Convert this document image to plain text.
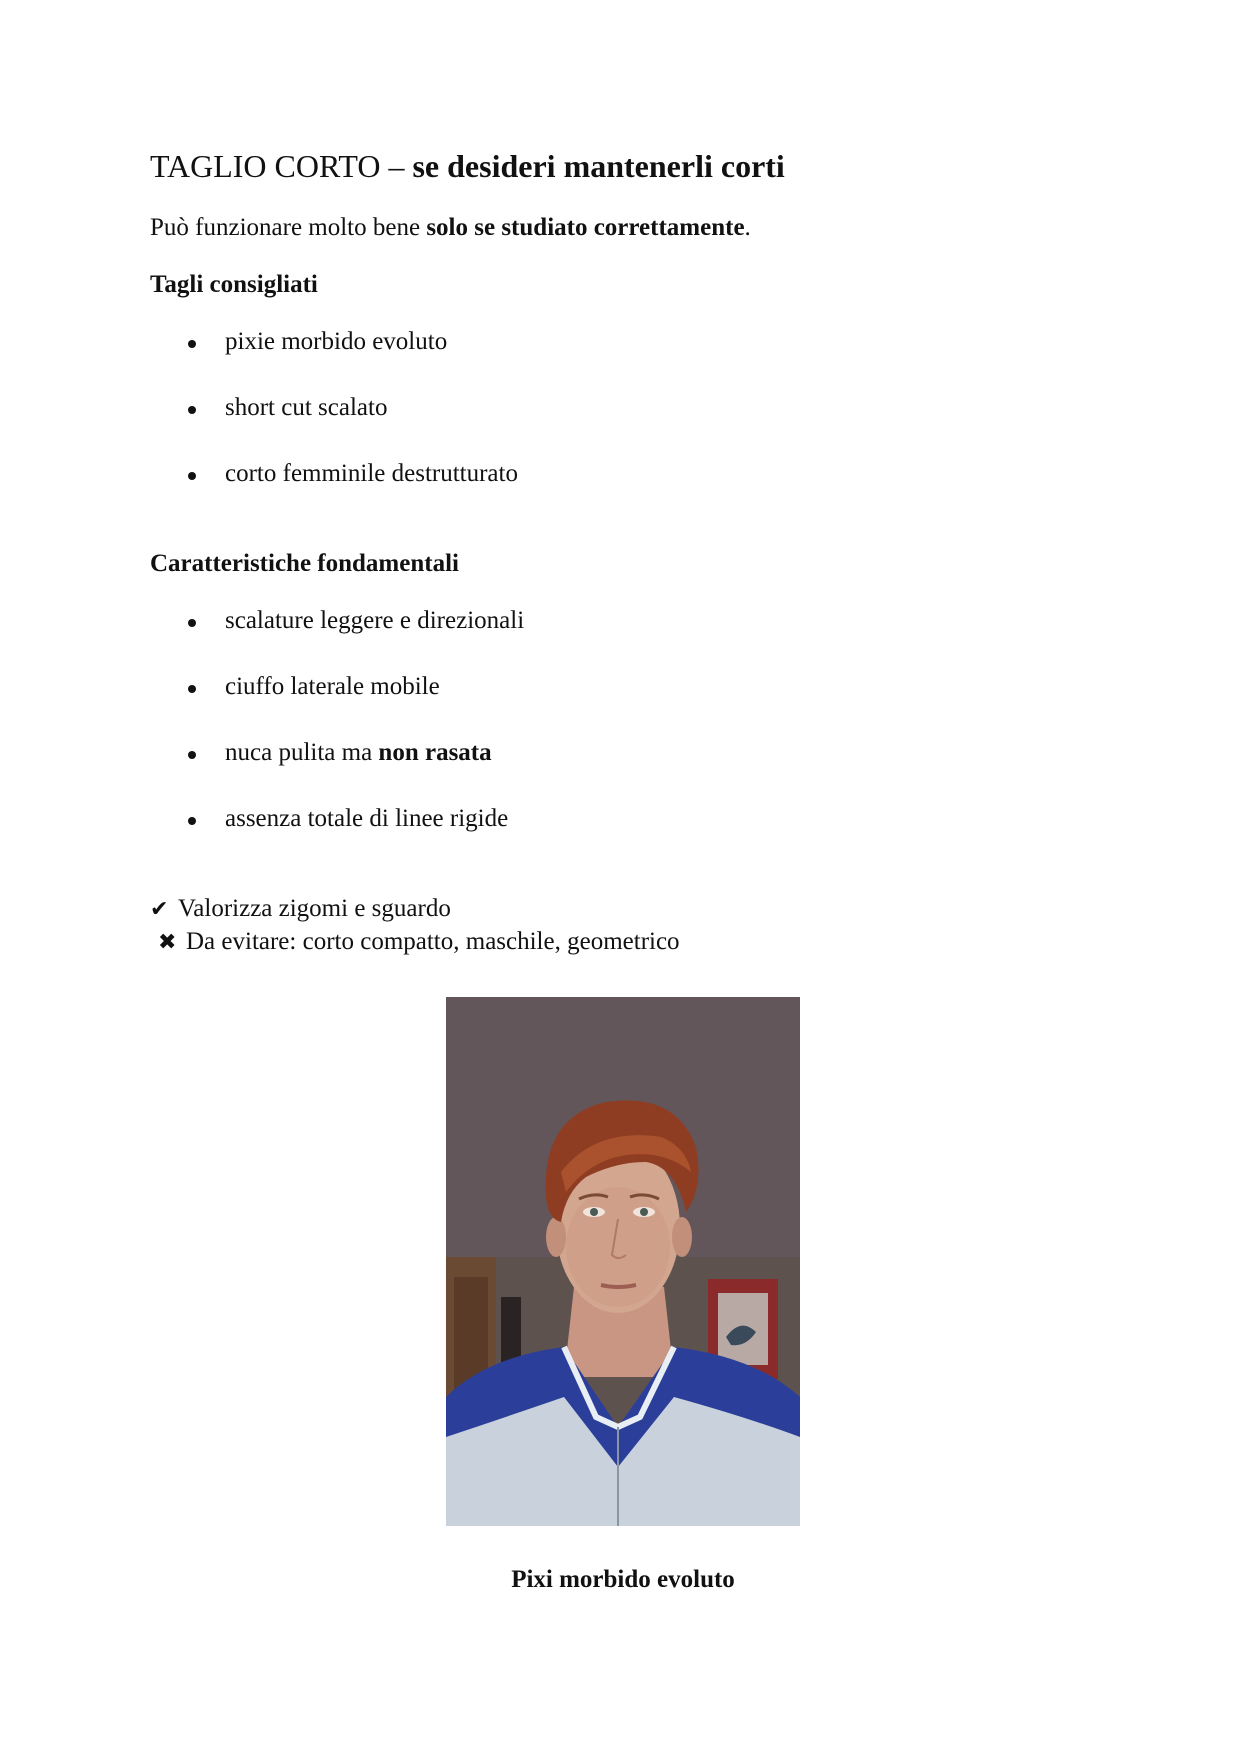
TAGLIO CORTO – se desideri mantenerli corti
Può funzionare molto bene solo se studiato correttamente.
Tagli consigliati
pixie morbido evoluto
short cut scalato
corto femminile destrutturato
Caratteristiche fondamentali
scalature leggere e direzionali
ciuffo laterale mobile
nuca pulita ma non rasata
assenza totale di linee rigide
✔ Valorizza zigomi e sguardo
✖ Da evitare: corto compatto, maschile, geometrico
Pixi morbido evoluto
